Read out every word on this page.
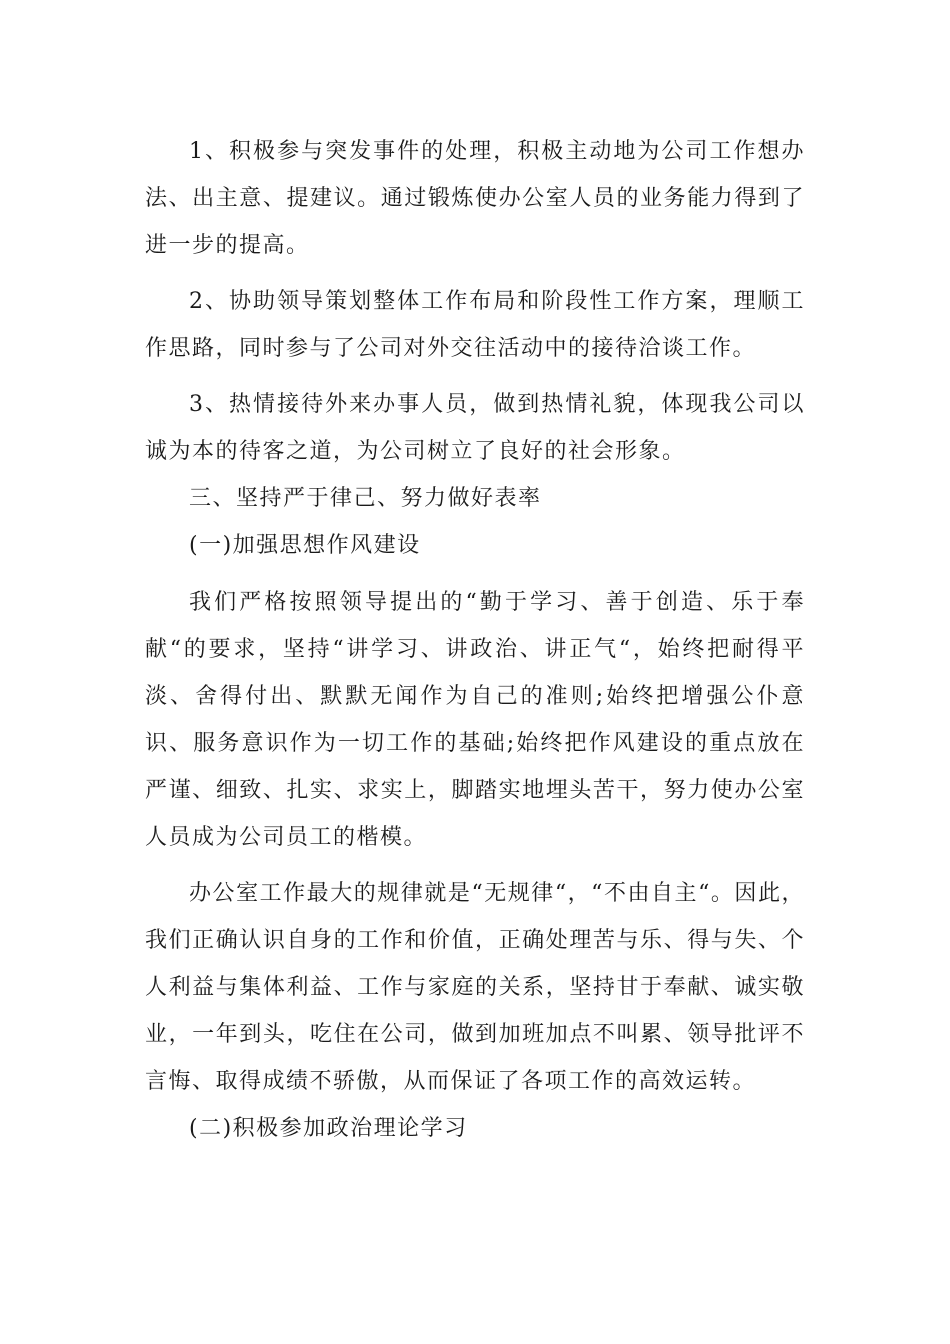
1、积极参与突发事件的处理，积极主动地为公司工作想办法、出主意、提建议。通过锻炼使办公室人员的业务能力得到了进一步的提高。

2、协助领导策划整体工作布局和阶段性工作方案，理顺工作思路，同时参与了公司对外交往活动中的接待洽谈工作。

3、热情接待外来办事人员，做到热情礼貌，体现我公司以诚为本的待客之道，为公司树立了良好的社会形象。

三、坚持严于律己、努力做好表率

(一)加强思想作风建设

我们严格按照领导提出的“勤于学习、善于创造、乐于奉献“的要求，坚持“讲学习、讲政治、讲正气“，始终把耐得平淡、舍得付出、默默无闻作为自己的准则;始终把增强公仆意识、服务意识作为一切工作的基础;始终把作风建设的重点放在严谨、细致、扎实、求实上，脚踏实地埋头苦干，努力使办公室人员成为公司员工的楷模。

办公室工作最大的规律就是“无规律“，“不由自主“。因此，我们正确认识自身的工作和价值，正确处理苦与乐、得与失、个人利益与集体利益、工作与家庭的关系，坚持甘于奉献、诚实敬业，一年到头，吃住在公司，做到加班加点不叫累、领导批评不言悔、取得成绩不骄傲，从而保证了各项工作的高效运转。

(二)积极参加政治理论学习
